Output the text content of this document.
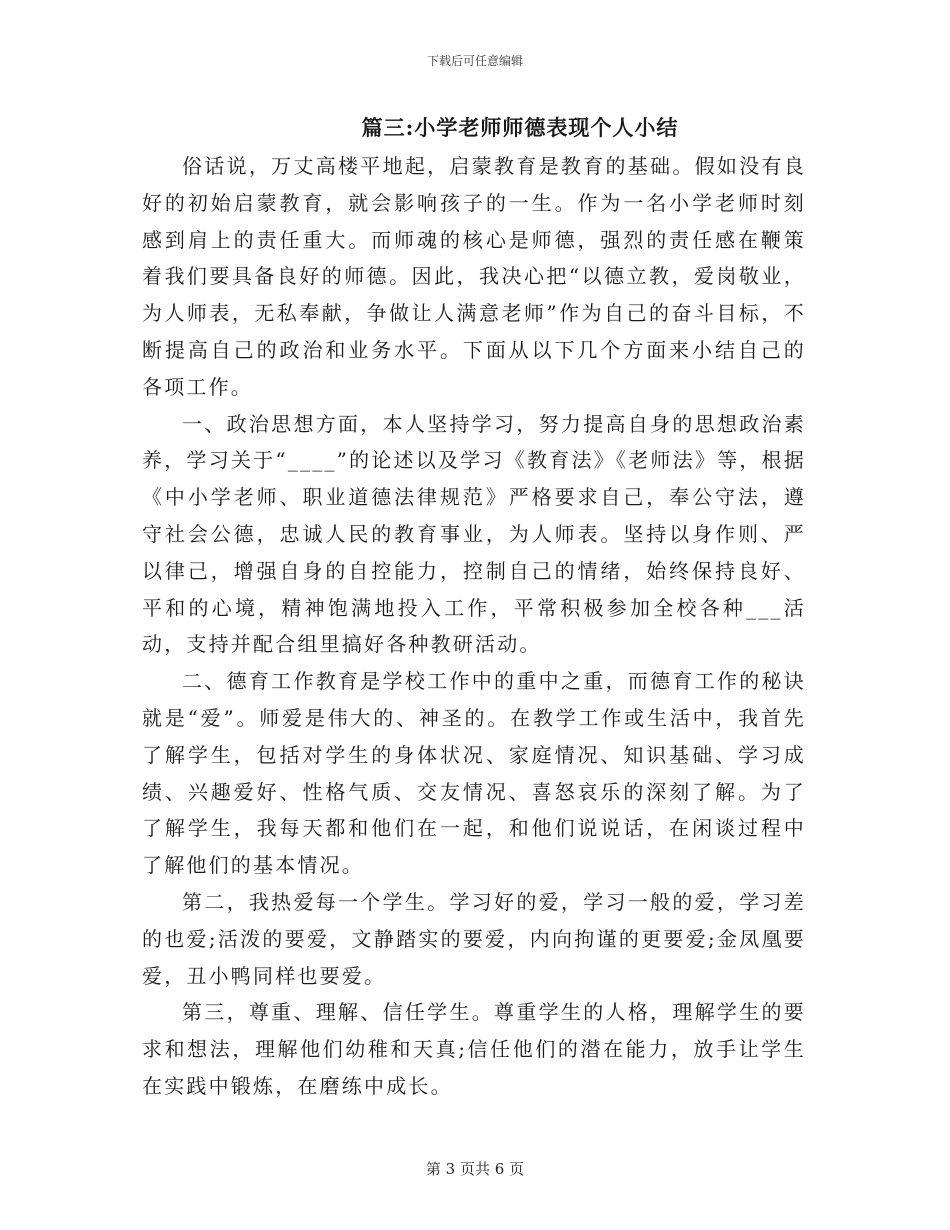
下载后可任意编辑
篇三:小学老师师德表现个人小结

俗话说，万丈高楼平地起，启蒙教育是教育的基础。假如没有良好的初始启蒙教育，就会影响孩子的一生。作为一名小学老师时刻感到肩上的责任重大。而师魂的核心是师德，强烈的责任感在鞭策着我们要具备良好的师德。因此，我决心把“以德立教，爱岗敬业，为人师表，无私奉献，争做让人满意老师”作为自己的奋斗目标，不断提高自己的政治和业务水平。下面从以下几个方面来小结自己的各项工作。

一、政治思想方面，本人坚持学习，努力提高自身的思想政治素养，学习关于“____”的论述以及学习《教育法》《老师法》等，根据《中小学老师、职业道德法律规范》严格要求自己，奉公守法，遵守社会公德，忠诚人民的教育事业，为人师表。坚持以身作则、严以律己，增强自身的自控能力，控制自己的情绪，始终保持良好、平和的心境，精神饱满地投入工作，平常积极参加全校各种___活动，支持并配合组里搞好各种教研活动。

二、德育工作教育是学校工作中的重中之重，而德育工作的秘诀就是“爱”。师爱是伟大的、神圣的。在教学工作或生活中，我首先了解学生，包括对学生的身体状况、家庭情况、知识基础、学习成绩、兴趣爱好、性格气质、交友情况、喜怒哀乐的深刻了解。为了了解学生，我每天都和他们在一起，和他们说说话，在闲谈过程中了解他们的基本情况。

第二，我热爱每一个学生。学习好的爱，学习一般的爱，学习差的也爱;活泼的要爱，文静踏实的要爱，内向拘谨的更要爱;金凤凰要爱，丑小鸭同样也要爱。

第三，尊重、理解、信任学生。尊重学生的人格，理解学生的要求和想法，理解他们幼稚和天真;信任他们的潜在能力，放手让学生在实践中锻炼，在磨练中成长。

第 3 页共 6 页
